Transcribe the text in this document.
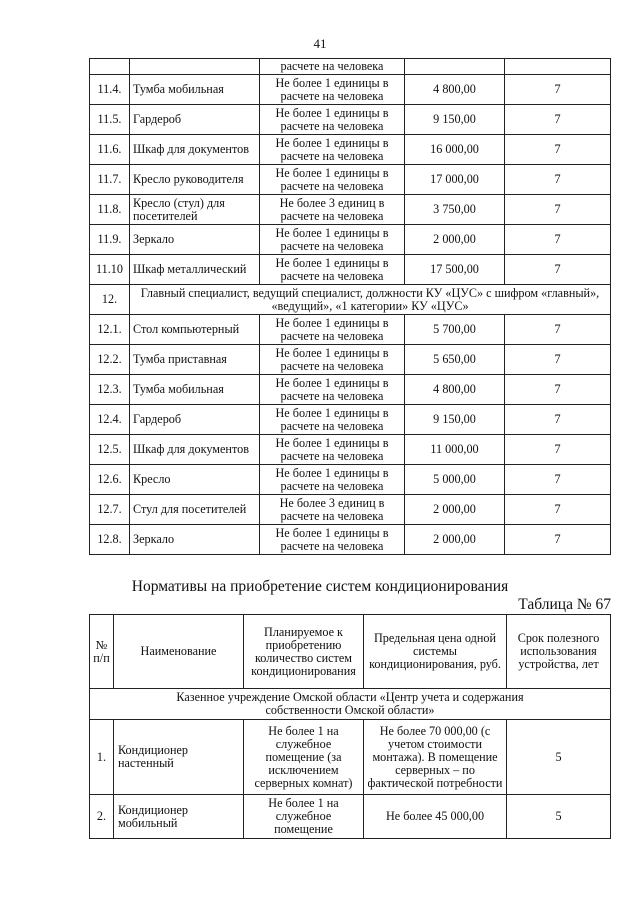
41
		расчете на человека		
11.4.	Тумба мобильная	Не более 1 единицы в расчете на человека	4 800,00	7
11.5.	Гардероб	Не более 1 единицы в расчете на человека	9 150,00	7
11.6.	Шкаф для документов	Не более 1 единицы в расчете на человека	16 000,00	7
11.7.	Кресло руководителя	Не более 1 единицы в расчете на человека	17 000,00	7
11.8.	Кресло (стул) для посетителей	Не более 3 единиц в расчете на человека	3 750,00	7
11.9.	Зеркало	Не более 1 единицы в расчете на человека	2 000,00	7
11.10	Шкаф металлический	Не более 1 единицы в расчете на человека	17 500,00	7
12.	Главный специалист, ведущий специалист, должности КУ «ЦУС» с шифром «главный», «ведущий», «1 категории» КУ «ЦУС»			
12.1.	Стол компьютерный	Не более 1 единицы в расчете на человека	5 700,00	7
12.2.	Тумба приставная	Не более 1 единицы в расчете на человека	5 650,00	7
12.3.	Тумба мобильная	Не более 1 единицы в расчете на человека	4 800,00	7
12.4.	Гардероб	Не более 1 единицы в расчете на человека	9 150,00	7
12.5.	Шкаф для документов	Не более 1 единицы в расчете на человека	11 000,00	7
12.6.	Кресло	Не более 1 единицы в расчете на человека	5 000,00	7
12.7.	Стул для посетителей	Не более 3 единиц в расчете на человека	2 000,00	7
12.8.	Зеркало	Не более 1 единицы в расчете на человека	2 000,00	7
Нормативы на приобретение систем кондиционирования
Таблица № 67
№ п/п	Наименование	Планируемое к приобретению количество систем кондиционирования	Предельная цена одной системы кондиционирования, руб.	Срок полезного использования устройства, лет
Казенное учреждение Омской области «Центр учета и содержания собственности Омской области»				
1.	Кондиционер настенный	Не более 1 на служебное помещение (за исключением серверных комнат)	Не более 70 000,00 (с учетом стоимости монтажа). В помещение серверных – по фактической потребности	5
2.	Кондиционер мобильный	Не более 1 на служебное помещение	Не более 45 000,00	5
